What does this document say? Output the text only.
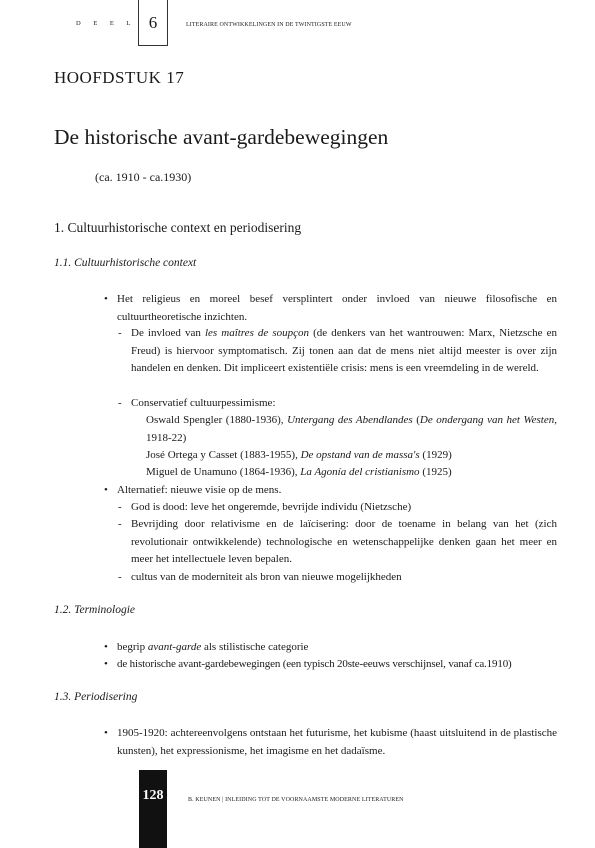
D E E L 6	LITERAIRE ONTWIKKELINGEN IN DE TWINTIGSTE EEUW
HOOFDSTUK 17
De historische avant-gardebewegingen
(ca. 1910 - ca.1930)
1. Cultuurhistorische context en periodisering
1.1. Cultuurhistorische context
• Het religieus en moreel besef versplintert onder invloed van nieuwe filosofische en cultuurtheoretische inzichten.
- De invloed van les maîtres de soupçon (de denkers van het wantrouwen: Marx, Nietzsche en Freud) is hiervoor symptomatisch. Zij tonen aan dat de mens niet altijd meester is over zijn handelen en denken. Dit impliceert existentiële crisis: mens is een vreemdeling in de wereld.
- Conservatief cultuurpessimisme:
Oswald Spengler (1880-1936), Untergang des Abendlandes (De ondergang van het Westen, 1918-22)
José Ortega y Casset (1883-1955), De opstand van de massa's (1929)
Miguel de Unamuno (1864-1936), La Agonía del cristianismo (1925)
• Alternatief: nieuwe visie op de mens.
- God is dood: leve het ongeremde, bevrijde individu (Nietzsche)
- Bevrijding door relativisme en de laïcisering: door de toename in belang van het (zich revolutionair ontwikkelende) technologische en wetenschappelijke denken gaan het meer en meer het intellectuele leven bepalen.
- cultus van de moderniteit als bron van nieuwe mogelijkheden
1.2. Terminologie
• begrip avant-garde als stilistische categorie
• de historische avant-gardebewegingen (een typisch 20ste-eeuws verschijnsel, vanaf ca.1910)
1.3. Periodisering
• 1905-1920: achtereenvolgens ontstaan het futurisme, het kubisme (haast uitsluitend in de plastische kunsten), het expressionisme, het imagisme en het dadaïsme.
128	B. KEUNEN | INLEIDING TOT DE VOORNAAMSTE MODERNE LITERATUREN
